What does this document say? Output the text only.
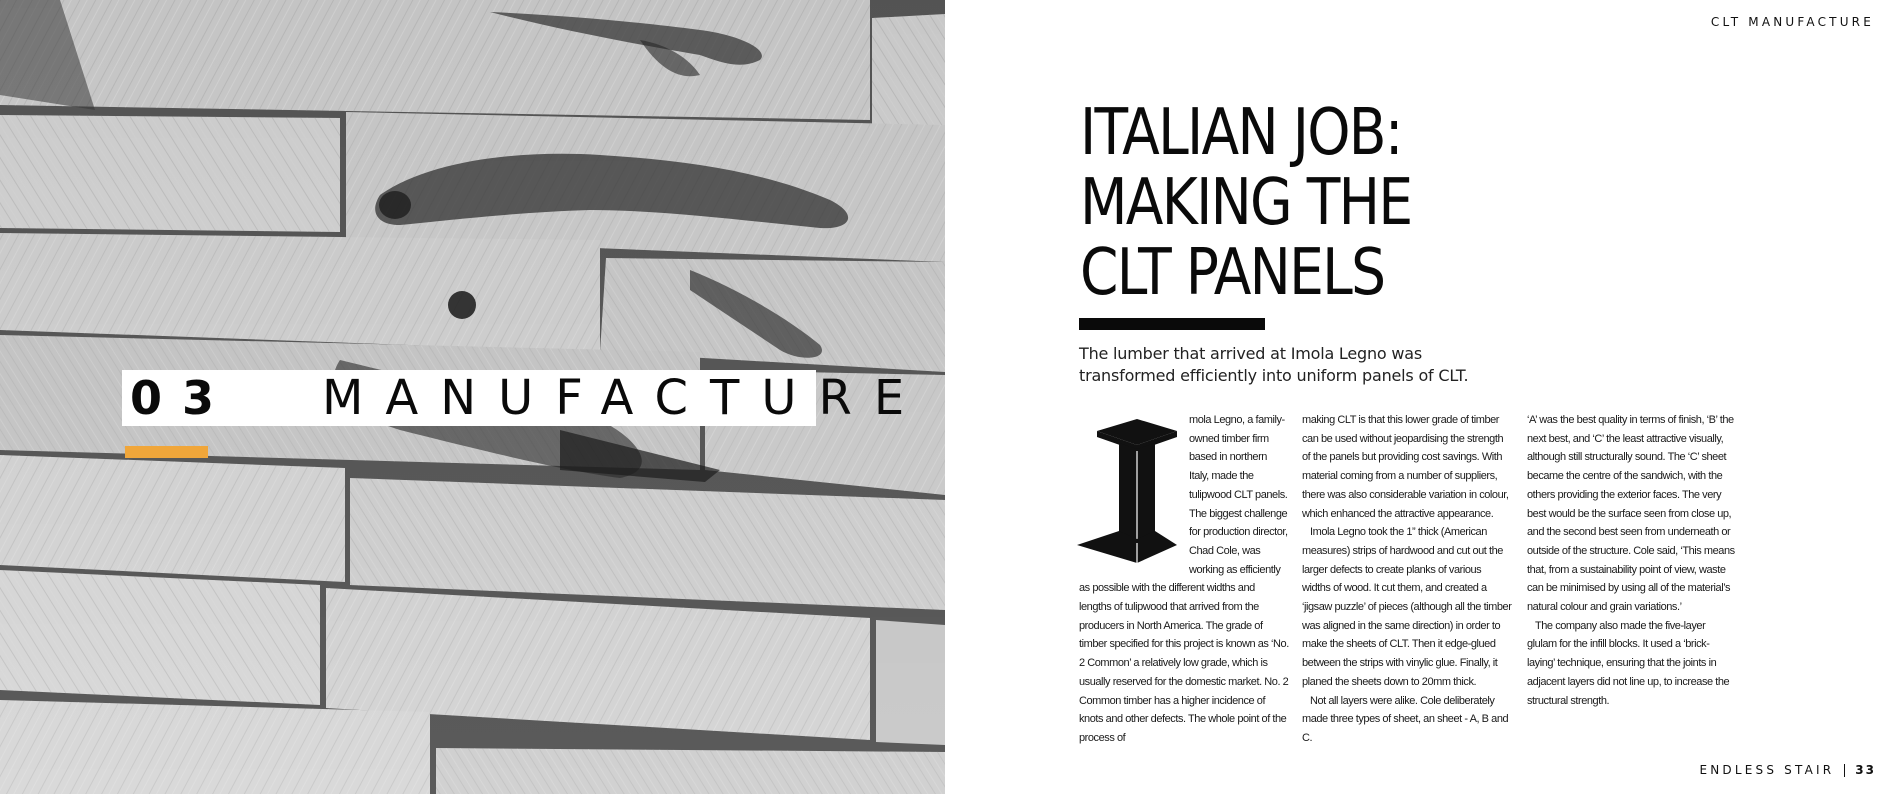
03 MANUFACTURE
CLT MANUFACTURE
ITALIAN JOB:
MAKING THE
CLT PANELS

The lumber that arrived at Imola Legno was transformed efficiently into uniform panels of CLT.

mola Legno, a family-owned timber firm based in northern Italy, made the tulipwood CLT panels. The biggest challenge for production director, Chad Cole, was working as efficiently as possible with the different widths and lengths of tulipwood that arrived from the producers in North America. The grade of timber specified for this project is known as ‘No. 2 Common’ a relatively low grade, which is usually reserved for the domestic market. No. 2 Common timber has a higher incidence of knots and other defects. The whole point of the process of

making CLT is that this lower grade of timber can be used without jeopardising the strength of the panels but providing cost savings. With material coming from a number of suppliers, there was also considerable variation in colour, which enhanced the attractive appearance.

Imola Legno took the 1” thick (American measures) strips of hardwood and cut out the larger defects to create planks of various widths of wood. It cut them, and created a ‘jigsaw puzzle’ of pieces (although all the timber was aligned in the same direction) in order to make the sheets of CLT. Then it edge-glued between the strips with vinylic glue. Finally, it planed the sheets down to 20mm thick.

Not all layers were alike. Cole deliberately made three types of sheet, an sheet - A, B and C.

‘A’ was the best quality in terms of finish, ‘B’ the next best, and ‘C’ the least attractive visually, although still structurally sound. The ‘C’ sheet became the centre of the sandwich, with the others providing the exterior faces. The very best would be the surface seen from close up, and the second best seen from underneath or outside of the structure. Cole said, ‘This means that, from a sustainability point of view, waste can be minimised by using all of the material’s natural colour and grain variations.’

The company also made the five-layer glulam for the infill blocks. It used a ‘brick-laying’ technique, ensuring that the joints in adjacent layers did not line up, to increase the structural strength.

ENDLESS STAIR 33
